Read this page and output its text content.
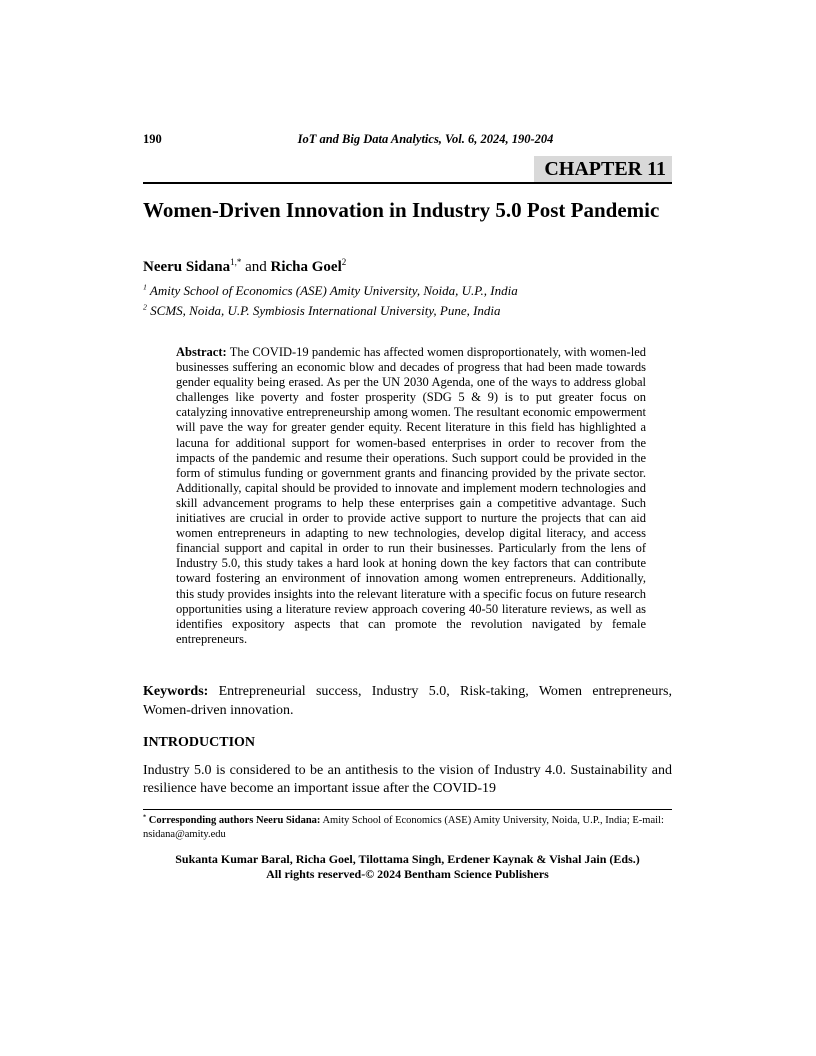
190	IoT and Big Data Analytics, Vol. 6, 2024, 190-204
CHAPTER 11
Women-Driven Innovation in Industry 5.0 Post Pandemic

Neeru Sidana$^{1,*}$ and Richa Goel$^2$

$^1$ Amity School of Economics (ASE) Amity University, Noida, U.P., India

$^2$ SCMS, Noida, U.P. Symbiosis International University, Pune, India

Abstract: The COVID-19 pandemic has affected women disproportionately, with women-led businesses suffering an economic blow and decades of progress that had been made towards gender equality being erased. As per the UN 2030 Agenda, one of the ways to address global challenges like poverty and foster prosperity (SDG 5 & 9) is to put greater focus on catalyzing innovative entrepreneurship among women. The resultant economic empowerment will pave the way for greater gender equity. Recent literature in this field has highlighted a lacuna for additional support for women-based enterprises in order to recover from the impacts of the pandemic and resume their operations. Such support could be provided in the form of stimulus funding or government grants and financing provided by the private sector. Additionally, capital should be provided to innovate and implement modern technologies and skill advancement programs to help these enterprises gain a competitive advantage. Such initiatives are crucial in order to provide active support to nurture the projects that can aid women entrepreneurs in adapting to new technologies, develop digital literacy, and access financial support and capital in order to run their businesses. Particularly from the lens of Industry 5.0, this study takes a hard look at honing down the key factors that can contribute toward fostering an environment of innovation among women entrepreneurs. Additionally, this study provides insights into the relevant literature with a specific focus on future research opportunities using a literature review approach covering 40-50 literature reviews, as well as identifies expository aspects that can promote the revolution navigated by female entrepreneurs.

Keywords: Entrepreneurial success, Industry 5.0, Risk-taking, Women entrepreneurs, Women-driven innovation.

INTRODUCTION

Industry 5.0 is considered to be an antithesis to the vision of Industry 4.0. Sustainability and resilience have become an important issue after the COVID-19

* Corresponding authors Neeru Sidana: Amity School of Economics (ASE) Amity University, Noida, U.P., India; E-mail: nsidana@amity.edu

Sukanta Kumar Baral, Richa Goel, Tilottama Singh, Erdener Kaynak & Vishal Jain (Eds.)
All rights reserved-© 2024 Bentham Science Publishers
